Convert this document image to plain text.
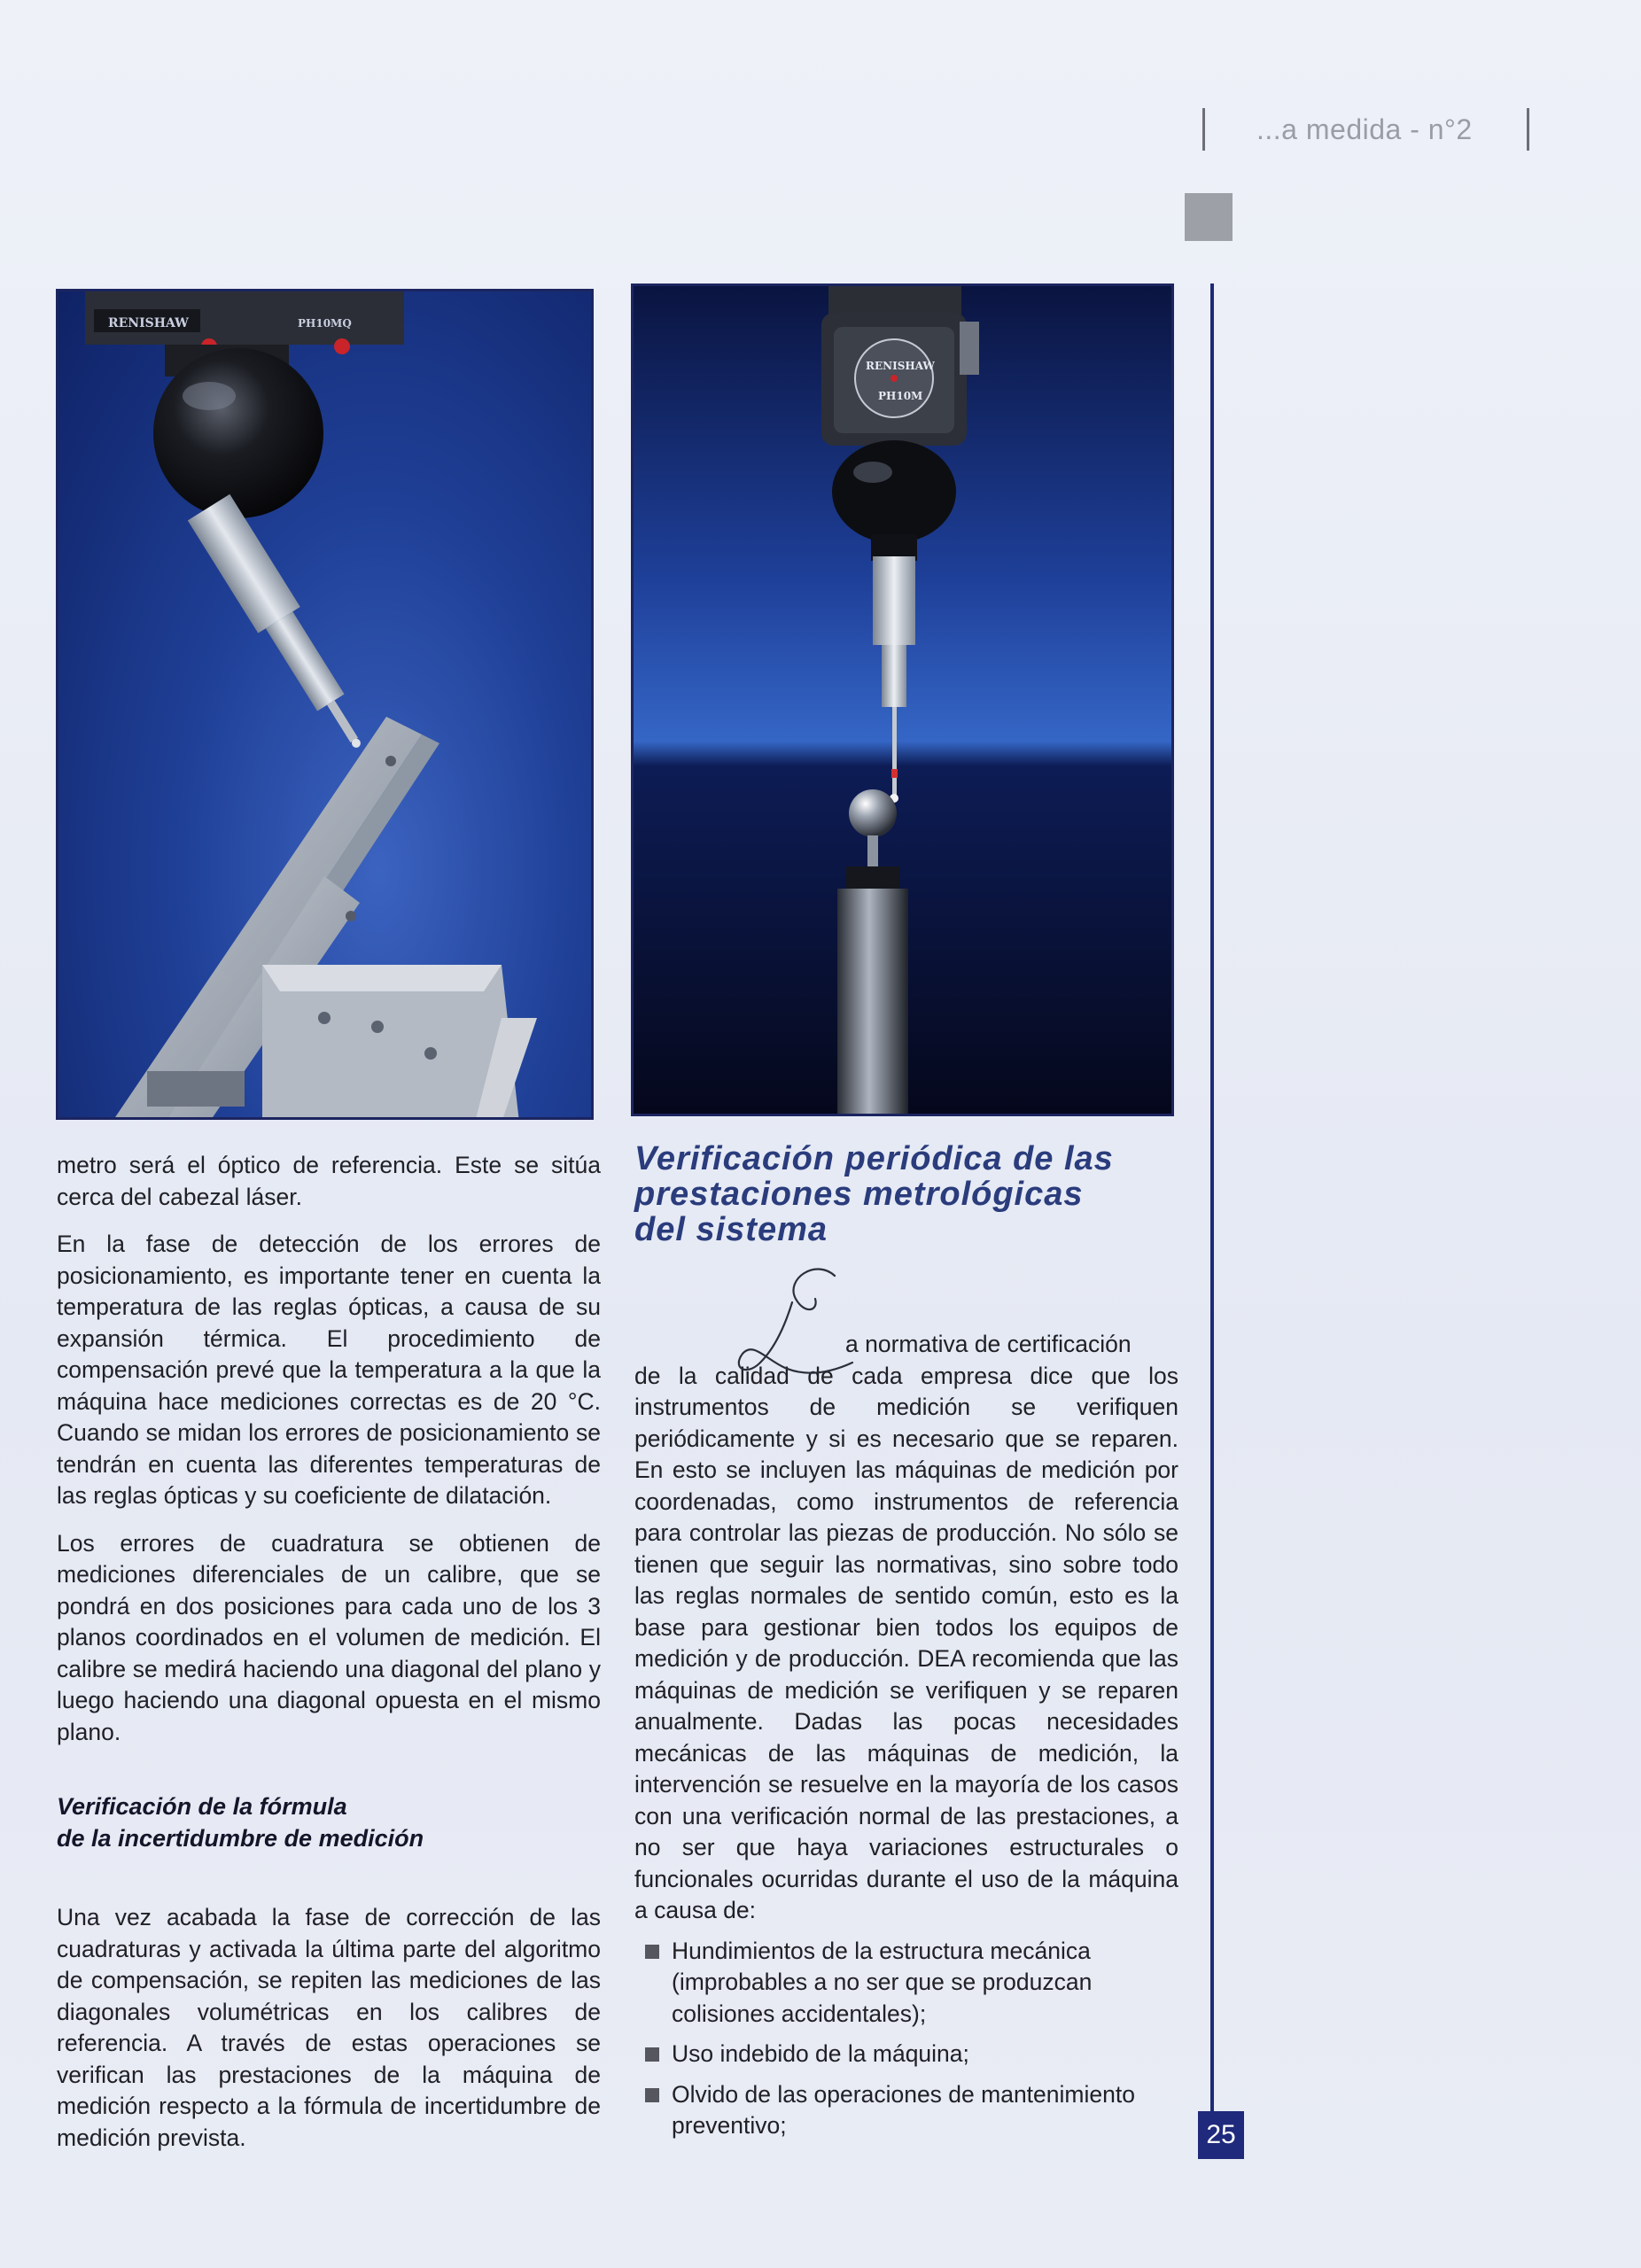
...a medida - n°2
RENISHAW	PH10MQ
RENISHAW
PH10M
25

metro será el óptico de referencia. Este se sitúa cerca del cabezal láser.

En la fase de detección de los errores de posicionamiento, es importante tener en cuenta la temperatura de las reglas ópticas, a causa de su expansión térmica. El procedimiento de compensación prevé que la temperatura a la que la máquina hace mediciones correctas es de 20 °C. Cuando se midan los errores de posicionamiento se tendrán en cuenta las diferentes temperaturas de las reglas ópticas y su coeficiente de dilatación.

Los errores de cuadratura se obtienen de mediciones diferenciales de un calibre, que se pondrá en dos posiciones para cada uno de los 3 planos coordinados en el volumen de medición. El calibre se medirá haciendo una diagonal del plano y luego haciendo una diagonal opuesta en el mismo plano.

Verificación de la fórmula
de la incertidumbre de medición

Una vez acabada la fase de corrección de las cuadraturas y activada la última parte del algoritmo de compensación, se repiten las mediciones de las diagonales volumétricas en los calibres de referencia. A través de estas operaciones se verifican las prestaciones de la máquina de medición respecto a la fórmula de incertidumbre de medición prevista.

Verificación periódica de las
prestaciones metrológicas
del sistema

a normativa de certificación

de la calidad de cada empresa dice que los instrumentos de medición se verifiquen periódicamente y si es necesario que se reparen. En esto se incluyen las máquinas de medición por coordenadas, como instrumentos de referencia para controlar las piezas de producción. No sólo se tienen que seguir las normativas, sino sobre todo las reglas normales de sentido común, esto es la base para gestionar bien todos los equipos de medición y de producción. DEA recomienda que las máquinas de medición se verifiquen y se reparen anualmente. Dadas las pocas necesidades mecánicas de las máquinas de medición, la intervención se resuelve en la mayoría de los casos con una verificación normal de las prestaciones, a no ser que haya variaciones estructurales o funcionales ocurridas durante el uso de la máquina a causa de:

Hundimientos de la estructura mecánica (improbables a no ser que se produzcan colisiones accidentales);
Uso indebido de la máquina;
Olvido de las operaciones de mantenimiento preventivo;
